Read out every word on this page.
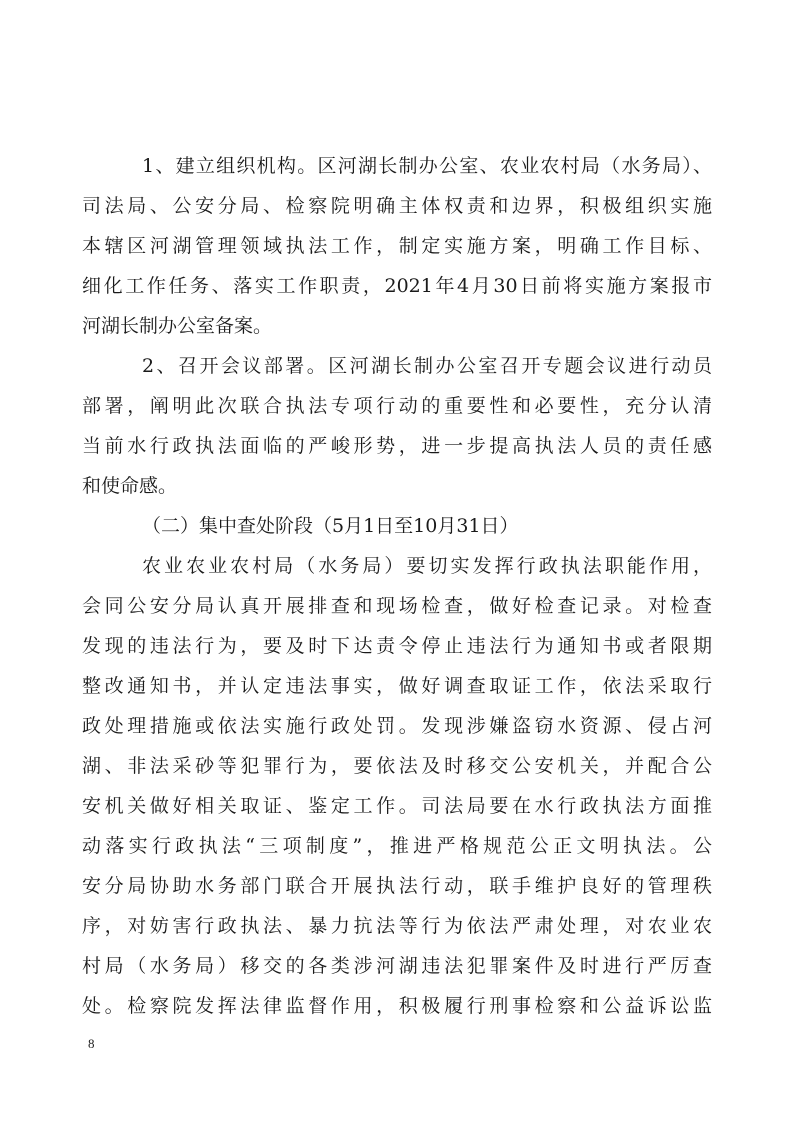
1、建立组织机构。区河湖长制办公室、农业农村局（水务局）、
司法局、公安分局、检察院明确主体权责和边界，积极组织实施
本辖区河湖管理领域执法工作，制定实施方案，明确工作目标、
细化工作任务、落实工作职责，2021年4月30日前将实施方案报市
河湖长制办公室备案。
2、召开会议部署。区河湖长制办公室召开专题会议进行动员
部署，阐明此次联合执法专项行动的重要性和必要性，充分认清
当前水行政执法面临的严峻形势，进一步提高执法人员的责任感
和使命感。
（二）集中查处阶段（5月1日至10月31日）
农业农业农村局（水务局）要切实发挥行政执法职能作用，
会同公安分局认真开展排查和现场检查，做好检查记录。对检查
发现的违法行为，要及时下达责令停止违法行为通知书或者限期
整改通知书，并认定违法事实，做好调查取证工作，依法采取行
政处理措施或依法实施行政处罚。发现涉嫌盗窃水资源、侵占河
湖、非法采砂等犯罪行为，要依法及时移交公安机关，并配合公
安机关做好相关取证、鉴定工作。司法局要在水行政执法方面推
动落实行政执法“三项制度”，推进严格规范公正文明执法。公
安分局协助水务部门联合开展执法行动，联手维护良好的管理秩
序，对妨害行政执法、暴力抗法等行为依法严肃处理，对农业农
村局（水务局）移交的各类涉河湖违法犯罪案件及时进行严厉查
处。检察院发挥法律监督作用，积极履行刑事检察和公益诉讼监
8
